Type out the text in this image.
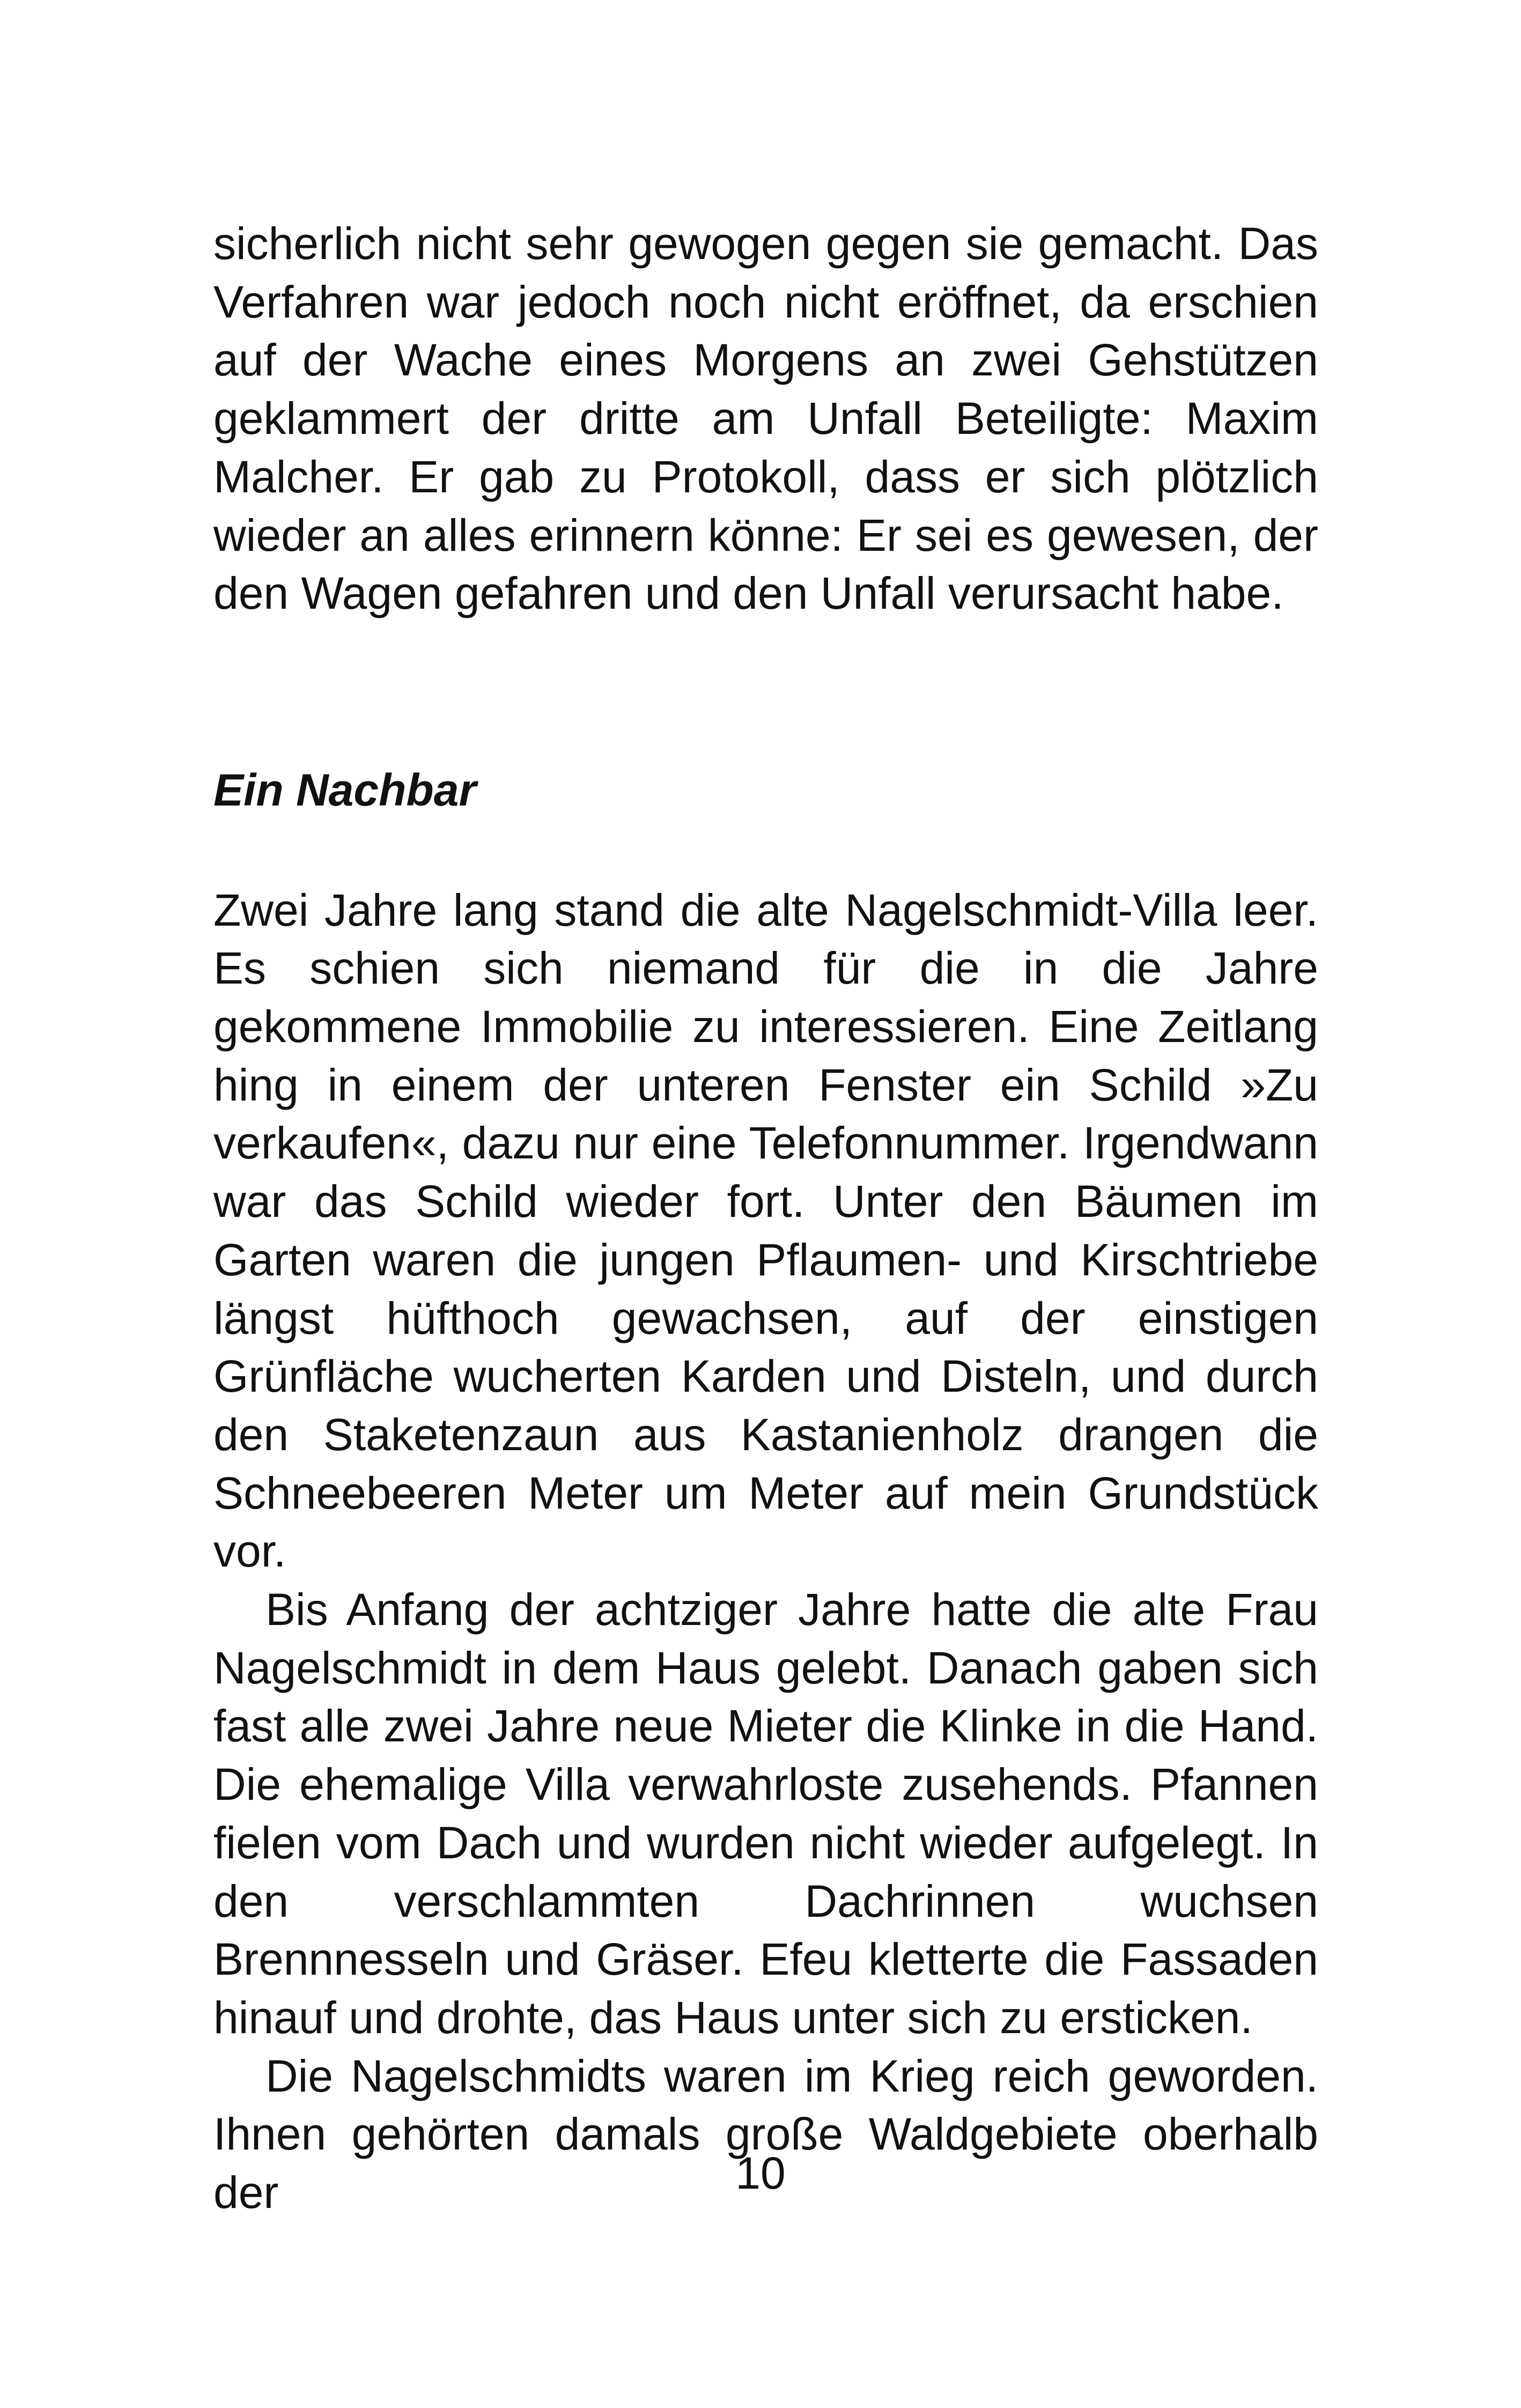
sicherlich nicht sehr gewogen gegen sie gemacht. Das Verfahren war jedoch noch nicht eröffnet, da erschien auf der Wache eines Morgens an zwei Gehstützen geklammert der dritte am Unfall Beteiligte: Maxim Malcher. Er gab zu Protokoll, dass er sich plötzlich wieder an alles erinnern könne: Er sei es gewesen, der den Wagen gefahren und den Unfall verursacht habe.

Ein Nachbar

Zwei Jahre lang stand die alte Nagelschmidt-Villa leer. Es schien sich niemand für die in die Jahre gekommene Immobilie zu interessieren. Eine Zeitlang hing in einem der unteren Fenster ein Schild »Zu verkaufen«, dazu nur eine Telefonnummer. Irgendwann war das Schild wieder fort. Unter den Bäumen im Garten waren die jungen Pflaumen- und Kirschtriebe längst hüfthoch gewachsen, auf der einstigen Grünfläche wucherten Karden und Disteln, und durch den Staketenzaun aus Kastanienholz drangen die Schneebeeren Meter um Meter auf mein Grundstück vor.

Bis Anfang der achtziger Jahre hatte die alte Frau Nagelschmidt in dem Haus gelebt. Danach gaben sich fast alle zwei Jahre neue Mieter die Klinke in die Hand. Die ehemalige Villa verwahrloste zusehends. Pfannen fielen vom Dach und wurden nicht wieder aufgelegt. In den verschlammten Dachrinnen wuchsen Brennnesseln und Gräser. Efeu kletterte die Fassaden hinauf und drohte, das Haus unter sich zu ersticken.

Die Nagelschmidts waren im Krieg reich geworden. Ihnen gehörten damals große Waldgebiete oberhalb der	10
